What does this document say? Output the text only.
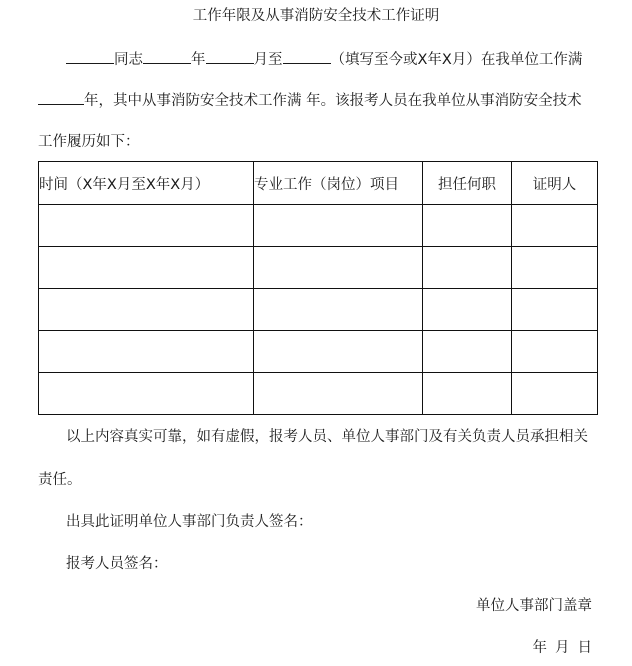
工作年限及从事消防安全技术工作证明
同志	年	月至	（填写至今或X年X月）在我单位工作满
年，其中从事消防安全技术工作满 年。该报考人员在我单位从事消防安全技术
工作履历如下：
时间（X年X月至X年X月）	专业工作（岗位）项目	担任何职	证明人

以上内容真实可靠，如有虚假，报考人员、单位人事部门及有关负责人员承担相关
责任。
出具此证明单位人事部门负责人签名：
报考人员签名：
单位人事部门盖章
年 月 日
